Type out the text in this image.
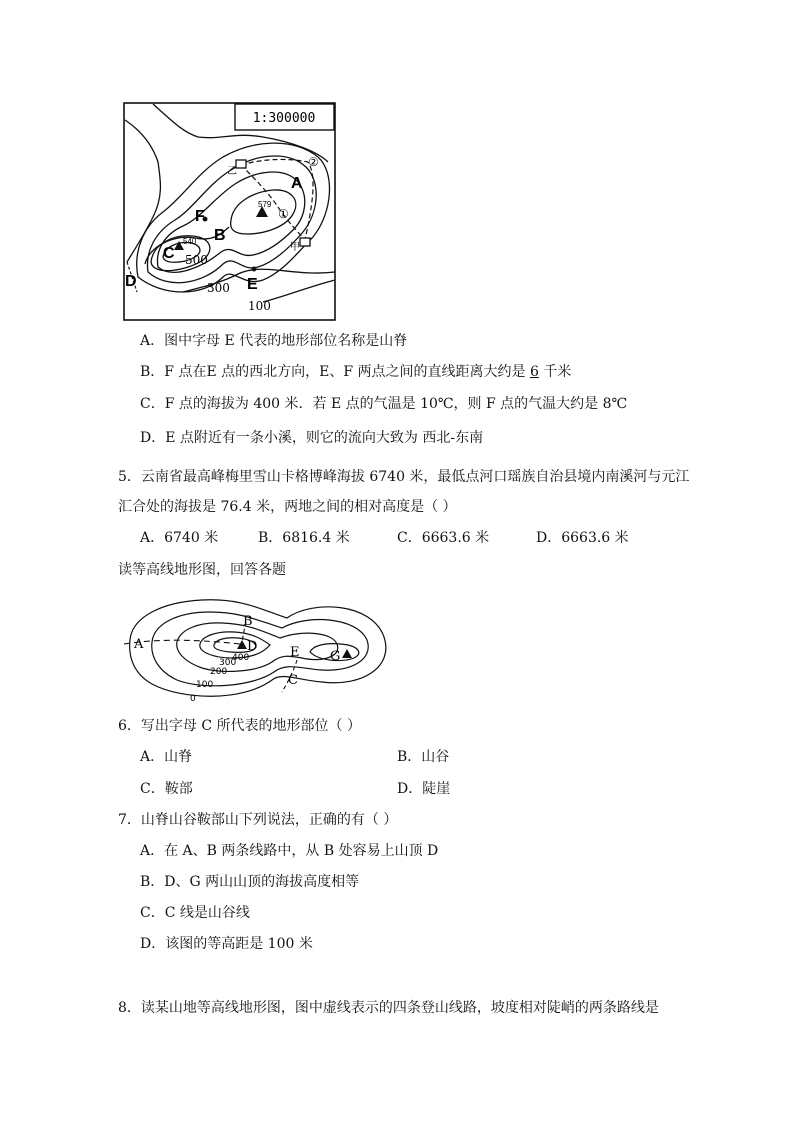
1:300000
A
B
C
D	E
F.
579
540
500
300
100
①
②
乙
甲
A．图中字母 E 代表的地形部位名称是山脊
B．F 点在E 点的西北方向，E、F 两点之间的直线距离大约是 6 千米
C．F 点的海拔为 400 米．若 E 点的气温是 10℃，则 F 点的气温大约是 8℃
D．E 点附近有一条小溪，则它的流向大致为 西北-东南
5．云南省最高峰梅里雪山卡格博峰海拔 6740 米，最低点河口瑶族自治县境内南溪河与元江
汇合处的海拔是 76.4 米，两地之间的相对高度是（ ）
A．6740 米	B．6816.4 米	C．6663.6 米	D．6663.6 米
读等高线地形图，回答各题
A
B
C
D	E G
400
300
200
100
0
6．写出字母 C 所代表的地形部位（ ）
A．山脊	B．山谷
C．鞍部	D．陡崖
7．山脊山谷鞍部山下列说法，正确的有（ ）
A．在 A、B 两条线路中，从 B 处容易上山顶 D
B．D、G 两山山顶的海拔高度相等
C．C 线是山谷线
D．该图的等高距是 100 米
8．读某山地等高线地形图，图中虚线表示的四条登山线路，坡度相对陡峭的两条路线是
